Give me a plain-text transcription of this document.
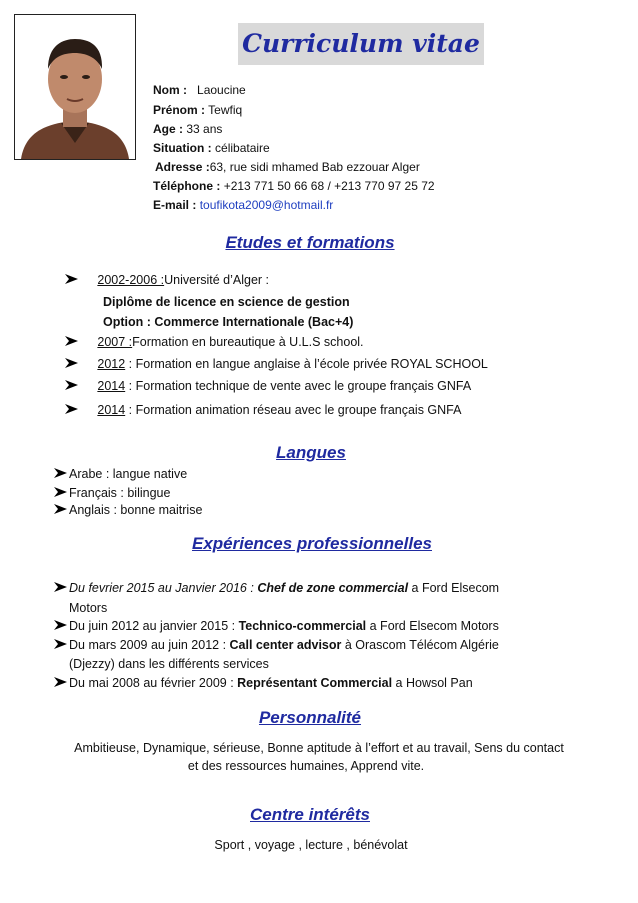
Curriculum vitae
Nom : Laoucine
Prénom : Tewfiq
Age : 33 ans
Situation : célibataire
Adresse :63, rue sidi mhamed Bab ezzouar Alger
Téléphone : +213 771 50 66 68 / +213 770 97 25 72
E-mail : toufikota2009@hotmail.fr
Etudes et formations
2002-2006 :Université d’Alger :
Diplôme de licence en science de gestion
Option : Commerce Internationale (Bac+4)
2007 :Formation en bureautique à U.L.S school.
2012 : Formation en langue anglaise à l’école privée ROYAL SCHOOL
2014 : Formation technique de vente avec le groupe français GNFA
2014 : Formation animation réseau avec le groupe français GNFA
Langues
Arabe : langue native
Français : bilingue
Anglais : bonne maitrise
Expériences professionnelles
Du fevrier 2015 au Janvier 2016 : Chef de zone commercial a Ford Elsecom
Motors
Du juin 2012 au janvier 2015 : Technico-commercial a Ford Elsecom Motors
Du mars 2009 au juin 2012 : Call center advisor à Orascom Télécom Algérie
(Djezzy) dans les différents services
Du mai 2008 au février 2009 : Représentant Commercial a Howsol Pan
Personnalité
Ambitieuse, Dynamique, sérieuse, Bonne aptitude à l’effort et au travail, Sens du contact
et des ressources humaines, Apprend vite.
Centre intérêts
Sport , voyage , lecture , bénévolat
